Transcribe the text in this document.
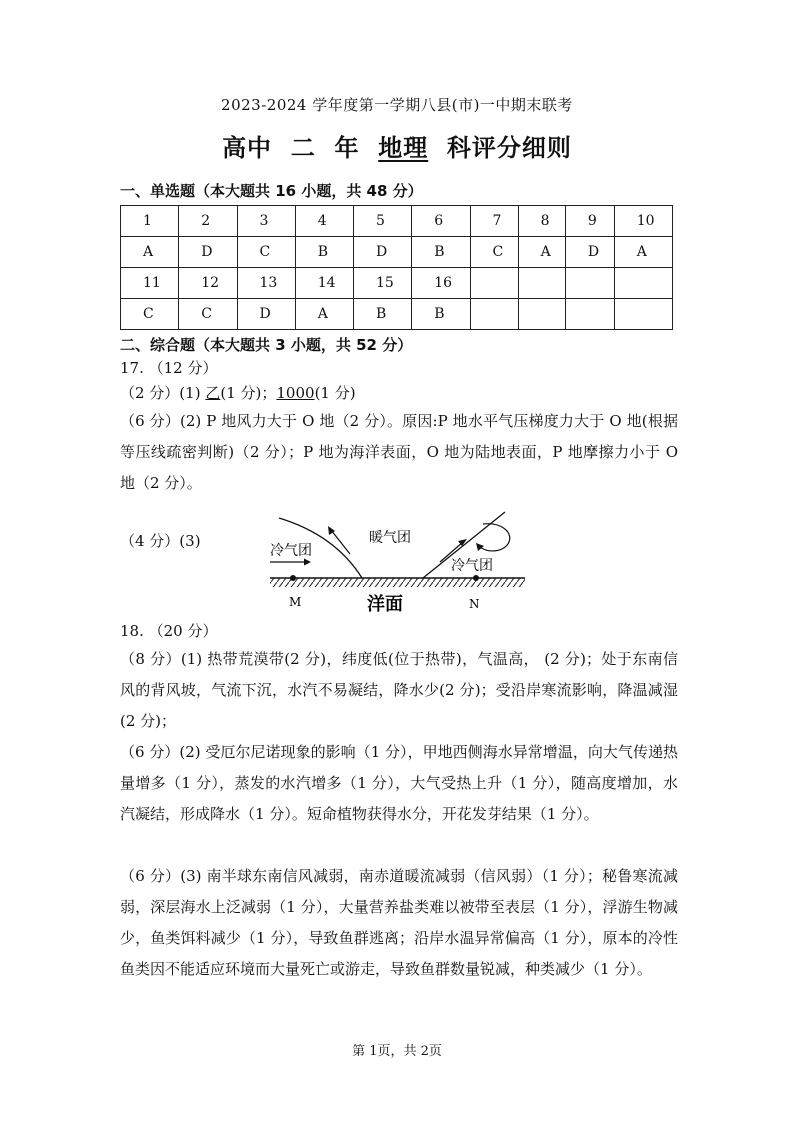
2023-2024 学年度第一学期八县(市)一中期末联考
高中  二  年  地理  科评分细则
一、单选题（本大题共 16 小题，共 48 分）
1	2	3	4	5	6	7	8	9	10
A	D	C	B	D	B	C	A	D	A
11	12	13	14	15	16				
C	C	D	A	B	B				
二、综合题（本大题共 3 小题，共 52 分）
17. （12 分）
（2 分）(1) 乙(1 分)；1000(1 分)
（6 分）(2) P 地风力大于 O 地（2 分）。原因:P 地水平气压梯度力大于 O 地(根据等压线疏密判断)（2 分）；P 地为海洋表面，O 地为陆地表面，P 地摩擦力小于 O 地（2 分）。
（4 分）(3)
冷气团
暖气团
冷气团
M	N
洋面
18. （20 分）
（8 分）(1) 热带荒漠带(2 分)，纬度低(位于热带)，气温高， (2 分)；处于东南信风的背风坡，气流下沉，水汽不易凝结，降水少(2 分)；受沿岸寒流影响，降温减湿(2 分)；
（6 分）(2) 受厄尔尼诺现象的影响（1 分），甲地西侧海水异常增温，向大气传递热量增多（1 分），蒸发的水汽增多（1 分），大气受热上升（1 分），随高度增加，水汽凝结，形成降水（1 分）。短命植物获得水分，开花发芽结果（1 分）。
（6 分）(3) 南半球东南信风减弱，南赤道暖流减弱（信风弱）（1 分）；秘鲁寒流减弱，深层海水上泛减弱（1 分），大量营养盐类难以被带至表层（1 分），浮游生物减少，鱼类饵料减少（1 分），导致鱼群逃离；沿岸水温异常偏高（1 分），原本的冷性鱼类因不能适应环境而大量死亡或游走，导致鱼群数量锐减，种类减少（1 分）。
第 1页，共 2页
